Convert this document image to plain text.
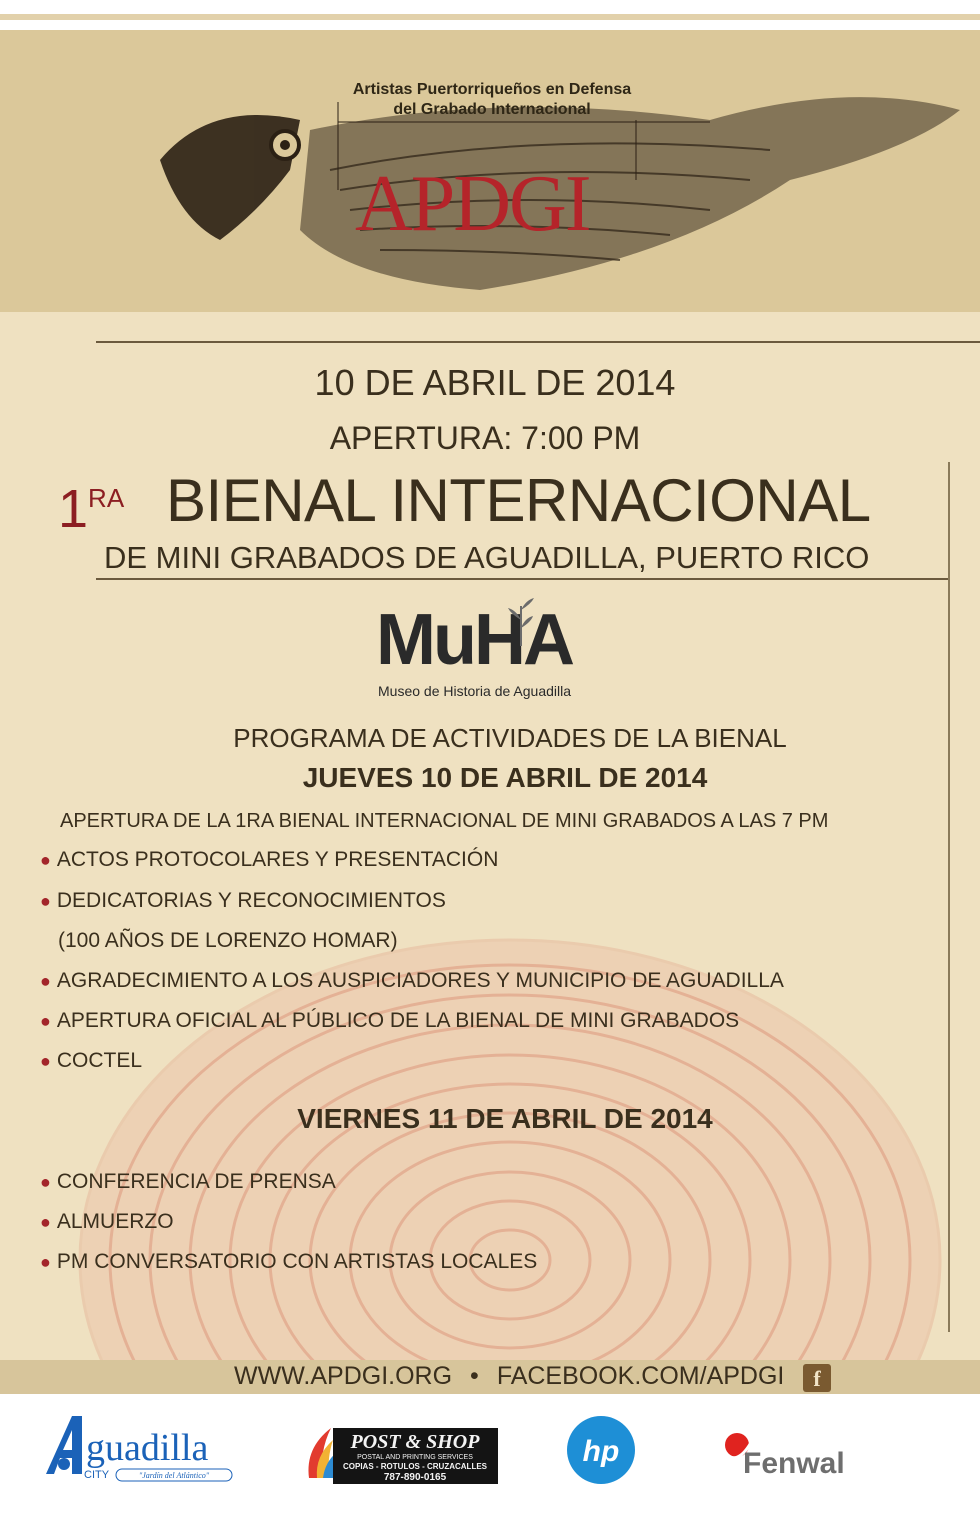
Artistas Puertorriqueños en Defensa
del Grabado Internacional
APDGI
10 DE ABRIL DE 2014
APERTURA: 7:00 PM
1RA BIENAL INTERNACIONAL
DE MINI GRABADOS DE AGUADILLA, PUERTO RICO
MuHA
Museo de Historia de Aguadilla
PROGRAMA DE ACTIVIDADES DE LA BIENAL
JUEVES 10 DE ABRIL DE 2014
APERTURA DE LA 1RA BIENAL INTERNACIONAL DE MINI GRABADOS A LAS 7 PM
● ACTOS PROTOCOLARES Y PRESENTACIÓN
● DEDICATORIAS Y RECONOCIMIENTOS
(100 AÑOS DE LORENZO HOMAR)
● AGRADECIMIENTO A LOS AUSPICIADORES Y MUNICIPIO DE AGUADILLA
● APERTURA OFICIAL AL PÚBLICO DE LA BIENAL DE MINI GRABADOS
● COCTEL
VIERNES 11 DE ABRIL DE 2014
● CONFERENCIA DE PRENSA
● ALMUERZO
● PM CONVERSATORIO CON ARTISTAS LOCALES
WWW.APDGI.ORG • FACEBOOK.COM/APDGI	f
guadilla
CITY	"Jardín del Atlántico"
POST & SHOP
POSTAL AND PRINTING SERVICES
COPIAS - ROTULOS - CRUZACALLES
787-890-0165
hp	Fenwal
